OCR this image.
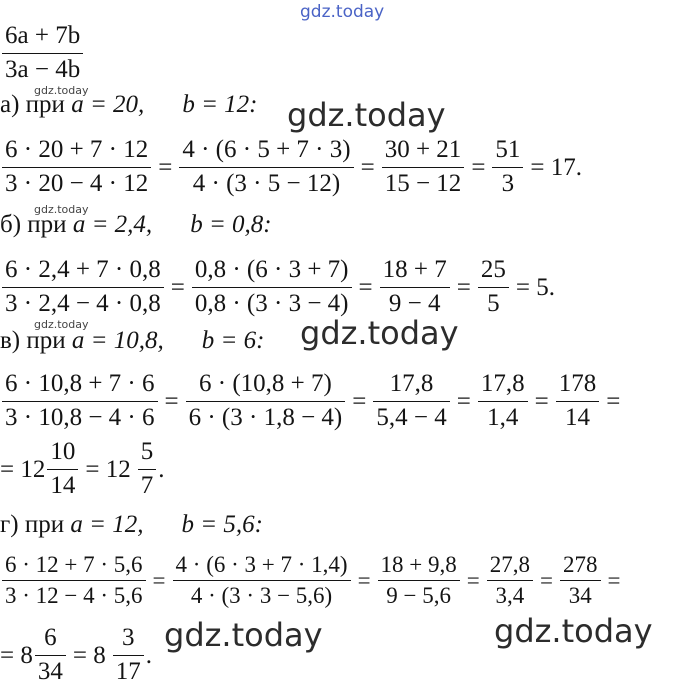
gdz.today
$\frac{6a + 7b}{3a - 4b}$
gdz.today
а) при
a = 20, b = 12: gdz.today
$\frac{6 \cdot 20 + 7 \cdot 12}{3 \cdot 20 - 4 \cdot 12} = \frac{4 \cdot (6 \cdot 5 + 7 \cdot 3)}{4 \cdot (3 \cdot 5 - 12)} = \frac{30 + 21}{15 - 12} = \frac{51}{3} = 17$.
gdz.today
б) при
a = 2,4, b = 0,8:
$\frac{6 \cdot 2,4 + 7 \cdot 0,8}{3 \cdot 2,4 - 4 \cdot 0,8} = \frac{0,8 \cdot (6 \cdot 3 + 7)}{0,8 \cdot (3 \cdot 3 - 4)} = \frac{18 + 7}{9 - 4} = \frac{25}{5} = 5$.
gdz.today
в) при
a = 10,8, b = 6: gdz.today
$\frac{6 \cdot 10,8 + 7 \cdot 6}{3 \cdot 10,8 - 4 \cdot 6} = \frac{6 \cdot (10,8 + 7)}{6 \cdot (3 \cdot 1,8 - 4)} = \frac{17,8}{5,4 - 4} = \frac{17,8}{1,4} = \frac{178}{14}$ =
= $12 \frac{10}{14} = 12 \frac{5}{7}$ .
г) при
a = 12, b = 5,6:
$\frac{6 \cdot 12 + 7 \cdot 5,6}{3 \cdot 12 - 4 \cdot 5,6} = \frac{4 \cdot (6 \cdot 3 + 7 \cdot 1,4)}{4 \cdot (3 \cdot 3 - 5,6)} = \frac{18 + 9,8}{9 - 5,6} = \frac{27,8}{3,4} = \frac{278}{34}$ =
= $8 \frac{6}{34} = 8 \frac{3}{17}$ .
gdz.today	gdz.today
